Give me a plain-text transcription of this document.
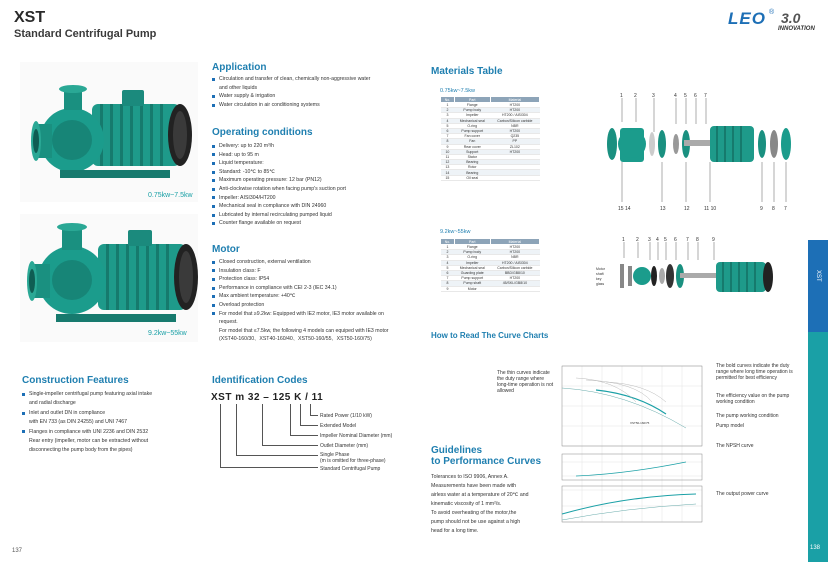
XST
Standard Centrifugal Pump
LEO ® 3.0
INNOVATION
0.75kw~7.5kw
9.2kw~55kw
Application
Circulation and transfer of clean, chemically non-aggressive water
and other liquids
Water supply & irrigation
Water circulation in air conditioning systems
Operating conditions
Delivery: up to 220 m³/h
Head: up to 95 m
Liquid temperature:
Standard: -10℃ to 85℃
Maximum operating pressure: 12 bar (PN12)
Anti-clockwise rotation when facing pump's suction port
Impeller: AISI304/HT200
Mechanical seal in compliance with DIN 24960
Lubricated by internal recirculating pumped liquid
Counter flange available on request
Motor
Closed construction, external ventilation
Insulation class: F
Protection class: IP54
Performance in compliance with CEI 2-3 (IEC 34.1)
Max ambient temperature: +40℃
Overload protection
For model that ≥9.2kw: Equipped with IE2 motor, IE3 motor available on
request.
For model that ≤7.5kw, the following 4 models can equiped with IE3 motor
(XST40-160/30、XST40-160/40、XST50-160/55、XST50-160/75)
Construction Features
Single-impeller centrifugal pump featuring axial intake
and radial discharge
Inlet and outlet DN in compliance
with EN 733 (as DIN 24255) and UNI 7467
Flanges in compliance with UNI 2236 and DIN 2532
Rear entry (impeller, motor can be extracted without
disconnecting the pump body from the pipes)
Identification Codes
XST m 32 – 125 K / 11
Rated Power (1/10 kW)
Extended Model
Impeller Nominal Diameter (mm)
Outlet Diameter (mm)
Single Phase
(m is omitted for three-phase)
Standard Centrifugal Pump
137
Materials Table
0.75kw~7.5kw
No.	Part	Material
1	Flange	HT200
2	Pump body	HT200
3	Impeller	HT200 / AISI304
4	Mechanical seal	Carbon/Silicon carbide
5	O-ring	NBR
6	Pump support	HT200
7	Fan cover	Q235
8	Fan	PP
9	Rear cover	ZL102
10	Support	HT200
11	Stator	
12	Bearing	
13	Rotor	
14	Bearing	
15	Oil seal	
1 2	3	4 5 6 7
15 14	13	12	11 10	9 8 7
9.2kw~55kw
No.	Part	Material
1	Flange	HT200
2	Pump body	HT200
3	O-ring	NBR
4	Impeller	HT200 / AISI304
5	Mechanical seal	Carbon/Silicon carbide
6	Guarding plate	BBD/GB8/10
7	Pump support	HT200
8	Pump shaft	45/SKL/GB8/10
9	Motor	
1 2 3 4 5 6 7 8	9
Motor
shaft
key
glass
How to Read The Curve Charts
The thin curves indicate the duty range where long-time operation is not allowed
The bold curves indicate the duty range where long time operation is permitted for best efficiency
The efficiency value on the pump working condition
The pump working condition
Pump model
The NPSH curve
The output power curve
XST50-160/75
Guidelines
to Performance Curves
Tolerances to ISO 9906, Annex A.
Measurements have been made with
airless water at a temperature of 20℃ and
kinematic viscosity of 1 mm²/s.
To avoid overheating of the motor,the
pump should not be use against a high
head for a long time.
XST
138
